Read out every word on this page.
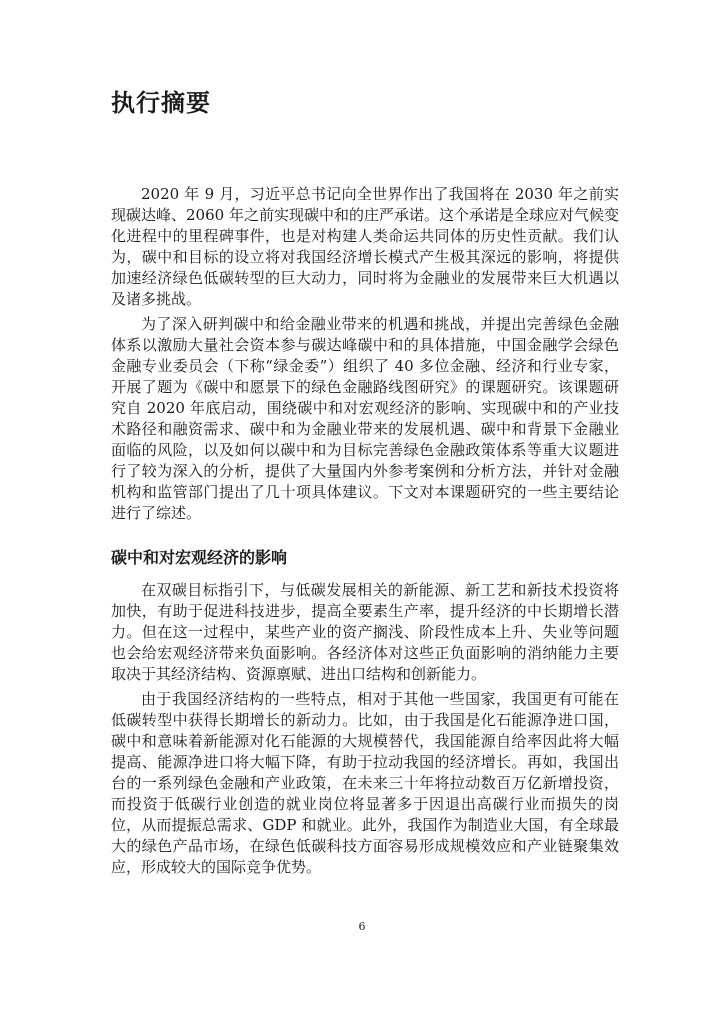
执行摘要

2020 年 9 月，习近平总书记向全世界作出了我国将在 2030 年之前实现碳达峰、2060 年之前实现碳中和的庄严承诺。这个承诺是全球应对气候变化进程中的里程碑事件，也是对构建人类命运共同体的历史性贡献。我们认为，碳中和目标的设立将对我国经济增长模式产生极其深远的影响，将提供加速经济绿色低碳转型的巨大动力，同时将为金融业的发展带来巨大机遇以及诸多挑战。

为了深入研判碳中和给金融业带来的机遇和挑战，并提出完善绿色金融体系以激励大量社会资本参与碳达峰碳中和的具体措施，中国金融学会绿色金融专业委员会（下称“绿金委”）组织了 40 多位金融、经济和行业专家，开展了题为《碳中和愿景下的绿色金融路线图研究》的课题研究。该课题研究自 2020 年底启动，围绕碳中和对宏观经济的影响、实现碳中和的产业技术路径和融资需求、碳中和为金融业带来的发展机遇、碳中和背景下金融业面临的风险，以及如何以碳中和为目标完善绿色金融政策体系等重大议题进行了较为深入的分析，提供了大量国内外参考案例和分析方法，并针对金融机构和监管部门提出了几十项具体建议。下文对本课题研究的一些主要结论进行了综述。

碳中和对宏观经济的影响

在双碳目标指引下，与低碳发展相关的新能源、新工艺和新技术投资将加快，有助于促进科技进步，提高全要素生产率，提升经济的中长期增长潜力。但在这一过程中，某些产业的资产搁浅、阶段性成本上升、失业等问题也会给宏观经济带来负面影响。各经济体对这些正负面影响的消纳能力主要取决于其经济结构、资源禀赋、进出口结构和创新能力。

由于我国经济结构的一些特点，相对于其他一些国家，我国更有可能在低碳转型中获得长期增长的新动力。比如，由于我国是化石能源净进口国，碳中和意味着新能源对化石能源的大规模替代，我国能源自给率因此将大幅提高、能源净进口将大幅下降，有助于拉动我国的经济增长。再如，我国出台的一系列绿色金融和产业政策，在未来三十年将拉动数百万亿新增投资，而投资于低碳行业创造的就业岗位将显著多于因退出高碳行业而损失的岗位，从而提振总需求、GDP 和就业。此外，我国作为制造业大国，有全球最大的绿色产品市场，在绿色低碳科技方面容易形成规模效应和产业链聚集效应，形成较大的国际竞争优势。

6
